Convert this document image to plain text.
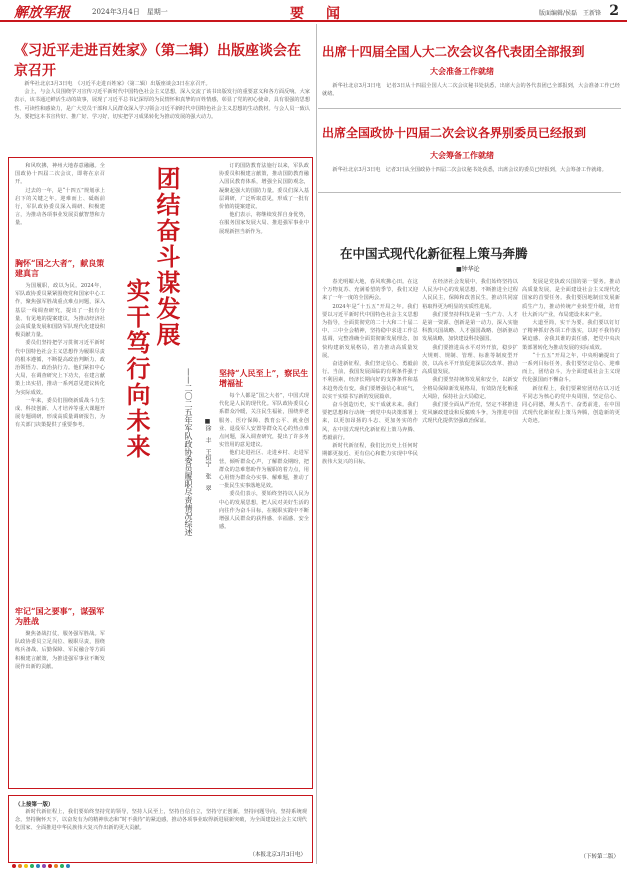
解放军报	2024年3月4日　星期一	要　闻	版面编辑/侯磊　王新锋 2
《习近平走进百姓家》（第二辑）出版座谈会在京召开

新华社北京3月3日电　《习近平走进百姓家》（第二辑）出版座谈会3日在京召开。

会上，与会人员围绕学习宣传习近平新时代中国特色社会主义思想，深入交流了该书出版发行的重要意义和各方面反响。大家表示，该书通过鲜活生动的故事，展现了习近平总书记深厚的为民情怀和真挚的百姓情感，彰显了党的初心使命，具有很强的思想性、可读性和感染力，是广大党员干部和人民群众深入学习领会习近平新时代中国特色社会主义思想的生动教材。与会人员一致认为，要把这本书宣传好、推广好、学习好，切实把学习成果转化为推动发展的强大动力。

出席十四届全国人大二次会议各代表团全部报到
大会准备工作就绪

新华社北京3月3日电　记者3日从十四届全国人大二次会议秘书处获悉，出席大会的各代表团已全部报到，大会准备工作已经就绪。

出席全国政协十四届二次会议各界别委员已经报到
大会筹备工作就绪

新华社北京3月3日电　记者3日从全国政协十四届二次会议秘书处获悉，出席会议的委员已经报到，大会筹备工作就绪。

和风吹拂，神州大地春意融融。全国政协十四届二次会议，即将在京召开。

过去的一年，是“十四五”规划承上启下的关键之年。迎难而上、砥砺前行，军队政协委员深入调研、积极建言，为推动各项事业发展贡献智慧和力量。

胸怀“国之大者”，献良策建真言

为国履职，政以为民。2024年，军队政协委员紧紧围绕党和国家中心工作，聚焦强军胜战重点难点问题，深入基层一线调查研究，提出了一批有分量、有见地的提案建议，为推动经济社会高质量发展和国防军队现代化建设积极贡献力量。

委员们坚持把学习贯彻习近平新时代中国特色社会主义思想作为履职尽责的根本遵循，不断提高政治判断力、政治领悟力、政治执行力。他们紧扣中心大局，在调查研究上下功夫，在建言献策上出实招，推动一系列意见建议转化为实际成效。

一年来，委员们围绕新质战斗力生成、科技创新、人才培养等重大课题开展专题调研，形成高质量调研报告，为有关部门决策提供了重要参考。

牢记“国之要事”，谋强军为胜战

聚焦备战打仗，服务强军胜战。军队政协委员立足岗位、履职尽责，围绕练兵备战、后勤保障、军民融合等方面积极建言献策，为推进强军事业不断发展作出新的贡献。

团结奋斗谋发展
实干笃行向未来	——二〇二五年军队政协委员履职尽责情况综述 ■徐　丰　王烜宁　张　翠

订的国防教育法施行以来，军队政协委员积极建言献策，推动国防教育融入国民教育体系，增强全民国防观念，凝聚起强大的国防力量。委员们深入基层调研，广泛听取意见，形成了一批有价值的提案建议。

他们表示，将继续发挥自身优势，在服务国家发展大局、推进强军事业中展现新担当新作为。

坚持“人民至上”，察民生增福祉

每个人都是“国之大者”，中国式现代化是人民的现代化。军队政协委员心系群众冷暖，关注民生福祉，围绕养老服务、医疗保障、教育公平、就业创业、退役军人安置等群众关心的热点难点问题，深入调查研究，提出了许多务实管用的意见建议。

他们走进社区、走进乡村、走进军营，倾听群众心声，了解群众期盼，把群众的急难愁盼作为履职的着力点，用心用情为群众办实事、解难题，推动了一批民生实事落地见效。

委员们表示，要始终坚持以人民为中心的发展思想，把人民对美好生活的向往作为奋斗目标，在履职实践中不断增强人民群众的获得感、幸福感、安全感。

（上接第一版）

新时代新征程上，我们要始终坚持党的领导，坚持人民至上，坚持自信自立，坚持守正创新，坚持问题导向，坚持系统观念，坚持胸怀天下，以奋发有为的精神状态和“时不我待”的紧迫感，推动各项事业取得新进展新突破，为全面建设社会主义现代化国家、全面推进中华民族伟大复兴作出新的更大贡献。

（本报北京3月3日电）
在中国式现代化新征程上策马奔腾
■钟华论

春光明媚大地，春风吹拂心田。在这个万物复苏、充满希望的季节，我们又迎来了一年一度的全国两会。

2024年是“十五五”开局之年。我们要以习近平新时代中国特色社会主义思想为指导，全面贯彻党的二十大和二十届二中、三中全会精神，坚持稳中求进工作总基调，完整准确全面贯彻新发展理念，加快构建新发展格局，着力推动高质量发展。

奋进新征程，我们坚定信心、勇毅前行。当前，我国发展面临的有利条件强于不利因素，经济长期向好的支撑条件和基本趋势没有变。我们要增强信心和底气，以实干实绩书写新的发展篇章。

奋斗创造历史，实干成就未来。我们要把思想和行动统一到党中央决策部署上来，以更加昂扬的斗志、更加务实的作风，在中国式现代化新征程上策马奔腾、勇毅前行。

新时代新征程，我们比历史上任何时期都更接近、更有信心和能力实现中华民族伟大复兴的目标。

在经济社会发展中，我们始终坚持以人民为中心的发展思想，不断推进全过程人民民主，保障和改善民生，推动共同富裕取得更为明显的实质性进展。

我们要坚持科技是第一生产力、人才是第一资源、创新是第一动力，深入实施科教兴国战略、人才强国战略、创新驱动发展战略，加快建设科技强国。

我们要推进高水平对外开放，稳步扩大规则、规制、管理、标准等制度型开放，以高水平开放促进深层次改革、推动高质量发展。

我们要坚持统筹发展和安全，以新安全格局保障新发展格局，有效防范化解重大风险，保持社会大局稳定。

我们要全面从严治党，坚定不移推进党风廉政建设和反腐败斗争，为推进中国式现代化提供坚强政治保证。

发展是党执政兴国的第一要务。推动高质量发展，是全面建设社会主义现代化国家的首要任务。我们要因地制宜发展新质生产力，推动传统产业转型升级，培育壮大新兴产业，布局建设未来产业。

大道至简，实干为要。我们要以钉钉子精神抓好各项工作落实，以时不我待的紧迫感、舍我其谁的责任感，把党中央决策部署转化为推动发展的实际成效。

“十五五”开局之年，中央明确提出了一系列目标任务，我们要坚定信心、迎难而上，团结奋斗，为全面建成社会主义现代化强国而不懈奋斗。

新征程上，我们要紧密团结在以习近平同志为核心的党中央周围，坚定信心、同心同德，埋头苦干、奋勇前进，在中国式现代化新征程上策马奔腾，创造新的更大奇迹。

（下转第二版）
